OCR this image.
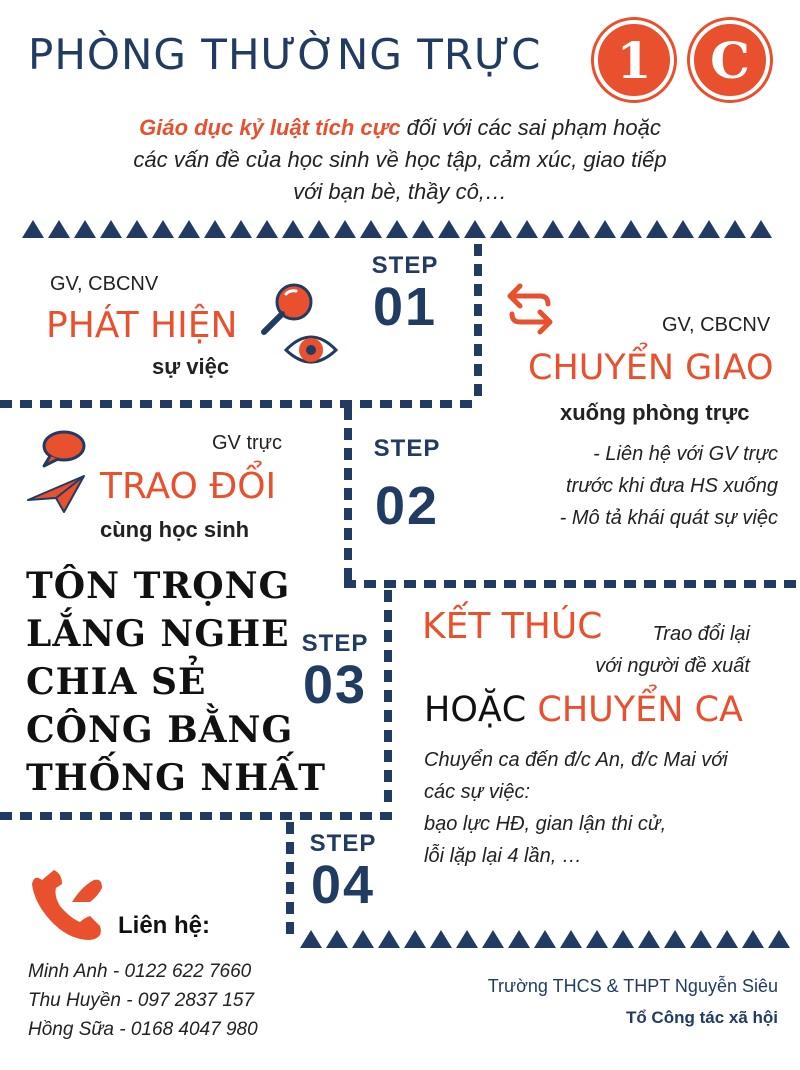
PHÒNG THƯỜNG TRỰC 1 C
Giáo dục kỷ luật tích cực đối với các sai phạm hoặc
các vấn đề của học sinh về học tập, cảm xúc, giao tiếp
với bạn bè, thầy cô,…
STEP
01
GV, CBCNV
PHÁT HIỆN
sự việc
GV, CBCNV
CHUYỂN GIAO
xuống phòng trực
- Liên hệ với GV trực
trước khi đưa HS xuống
- Mô tả khái quát sự việc
STEP
02
GV trực
TRAO ĐỔI
cùng học sinh
TÔN TRỌNG
LẮNG NGHE
CHIA SẺ
CÔNG BẰNG
THỐNG NHẤT
STEP
03
KẾT THÚC	Trao đổi lại
với người đề xuất
HOẶC CHUYỂN CA
Chuyển ca đến đ/c An, đ/c Mai với
các sự việc:
bạo lực HĐ, gian lận thi cử,
lỗi lặp lại 4 lần, …
STEP
04
Liên hệ:
Minh Anh - 0122 622 7660
Thu Huyền - 097 2837 157
Hồng Sữa - 0168 4047 980
Trường THCS & THPT Nguyễn Siêu
Tổ Công tác xã hội
